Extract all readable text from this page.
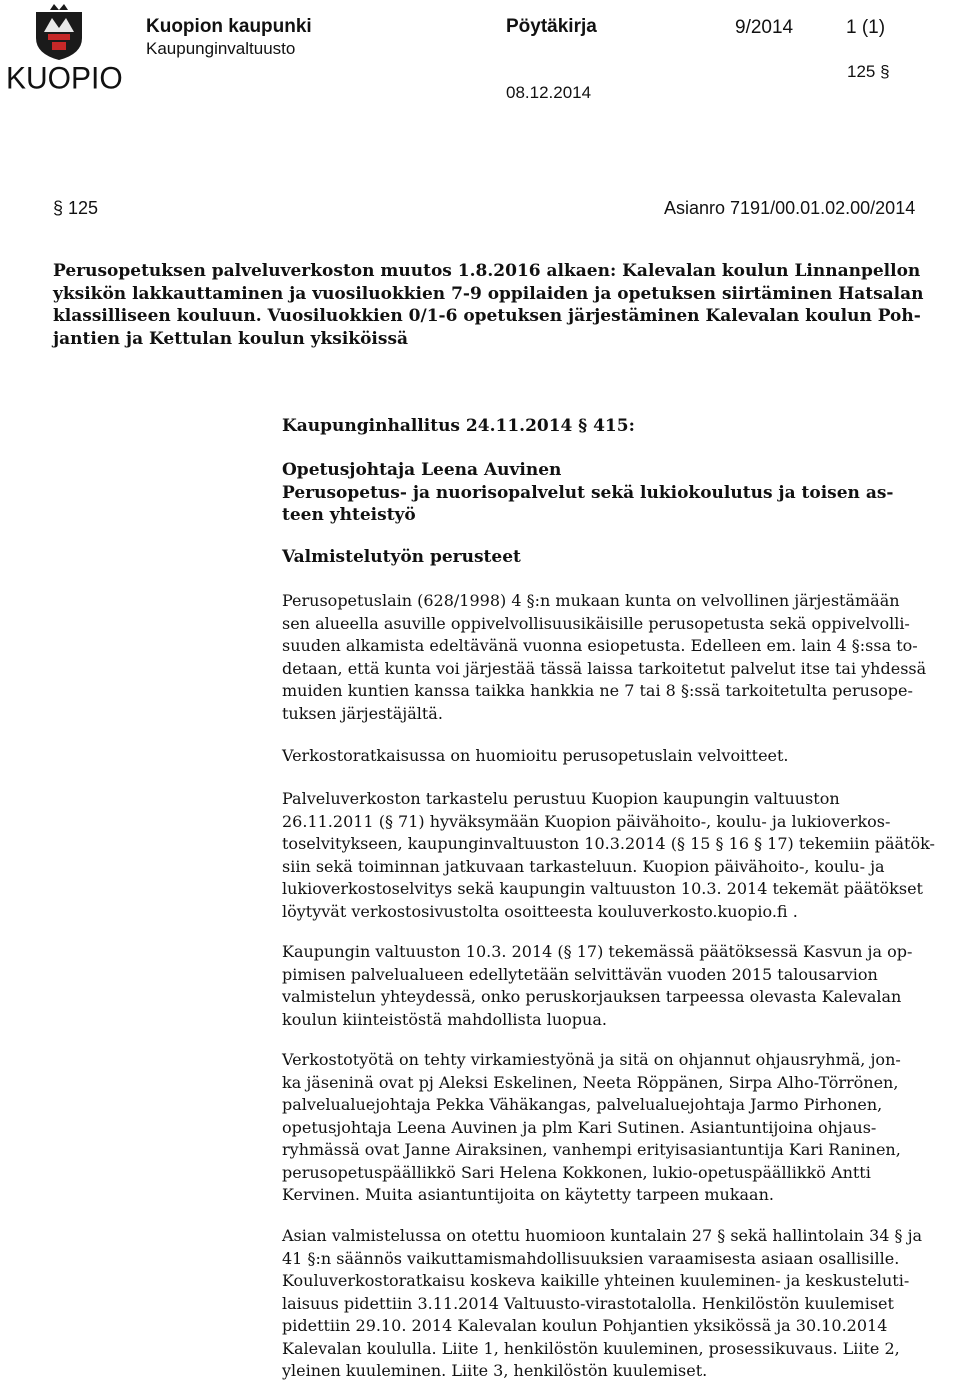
KUOPIO
Kuopion kaupunki
Kaupunginvaltuusto
Pöytäkirja	9/2014	1 (1)
125 §
08.12.2014
§ 125	Asianro 7191/00.01.02.00/2014
Perusopetuksen palveluverkoston muutos 1.8.2016 alkaen: Kalevalan koulun Linnanpellon
yksikön lakkauttaminen ja vuosiluokkien 7-9 oppilaiden ja opetuksen siirtäminen Hatsalan
klassilliseen kouluun. Vuosiluokkien 0/1-6 opetuksen järjestäminen Kalevalan koulun Poh-
jantien ja Kettulan koulun yksiköissä
Kaupunginhallitus 24.11.2014 § 415:
Opetusjohtaja Leena Auvinen
Perusopetus- ja nuorisopalvelut sekä lukiokoulutus ja toisen as-
teen yhteistyö
Valmistelutyön perusteet
Perusopetuslain (628/1998) 4 §:n mukaan kunta on velvollinen järjestämään
sen alueella asuville oppivelvollisuusikäisille perusopetusta sekä oppivelvolli-
suuden alkamista edeltävänä vuonna esiopetusta. Edelleen em. lain 4 §:ssa to-
detaan, että kunta voi järjestää tässä laissa tarkoitetut palvelut itse tai yhdessä
muiden kuntien kanssa taikka hankkia ne 7 tai 8 §:ssä tarkoitetulta perusope-
tuksen järjestäjältä.
Verkostoratkaisussa on huomioitu perusopetuslain velvoitteet.
Palveluverkoston tarkastelu perustuu Kuopion kaupungin valtuuston
26.11.2011 (§ 71) hyväksymään Kuopion päivähoito-, koulu- ja lukioverkos-
toselvitykseen, kaupunginvaltuuston 10.3.2014 (§ 15 § 16 § 17) tekemiin päätök-
siin sekä toiminnan jatkuvaan tarkasteluun. Kuopion päivähoito-, koulu- ja
lukioverkostoselvitys sekä kaupungin valtuuston 10.3. 2014 tekemät päätökset
löytyvät verkostosivustolta osoitteesta kouluverkosto.kuopio.fi .
Kaupungin valtuuston 10.3. 2014 (§ 17) tekemässä päätöksessä Kasvun ja op-
pimisen palvelualueen edellytetään selvittävän vuoden 2015 talousarvion
valmistelun yhteydessä, onko peruskorjauksen tarpeessa olevasta Kalevalan
koulun kiinteistöstä mahdollista luopua.
Verkostotyötä on tehty virkamiestyönä ja sitä on ohjannut ohjausryhmä, jon-
ka jäseninä ovat pj Aleksi Eskelinen, Neeta Röppänen, Sirpa Alho-Törrönen,
palvelualuejohtaja Pekka Vähäkangas, palvelualuejohtaja Jarmo Pirhonen,
opetusjohtaja Leena Auvinen ja plm Kari Sutinen. Asiantuntijoina ohjaus-
ryhmässä ovat Janne Airaksinen, vanhempi erityisasiantuntija Kari Raninen,
perusopetuspäällikkö Sari Helena Kokkonen, lukio-opetuspäällikkö Antti
Kervinen. Muita asiantuntijoita on käytetty tarpeen mukaan.
Asian valmistelussa on otettu huomioon kuntalain 27 § sekä hallintolain 34 § ja
41 §:n säännös vaikuttamismahdollisuuksien varaamisesta asiaan osallisille.
Kouluverkostoratkaisu koskeva kaikille yhteinen kuuleminen- ja keskusteluti-
laisuus pidettiin 3.11.2014 Valtuusto-virastotalolla. Henkilöstön kuulemiset
pidettiin 29.10. 2014 Kalevalan koulun Pohjantien yksikössä ja 30.10.2014
Kalevalan koululla. Liite 1, henkilöstön kuuleminen, prosessikuvaus. Liite 2,
yleinen kuuleminen. Liite 3, henkilöstön kuulemiset.
